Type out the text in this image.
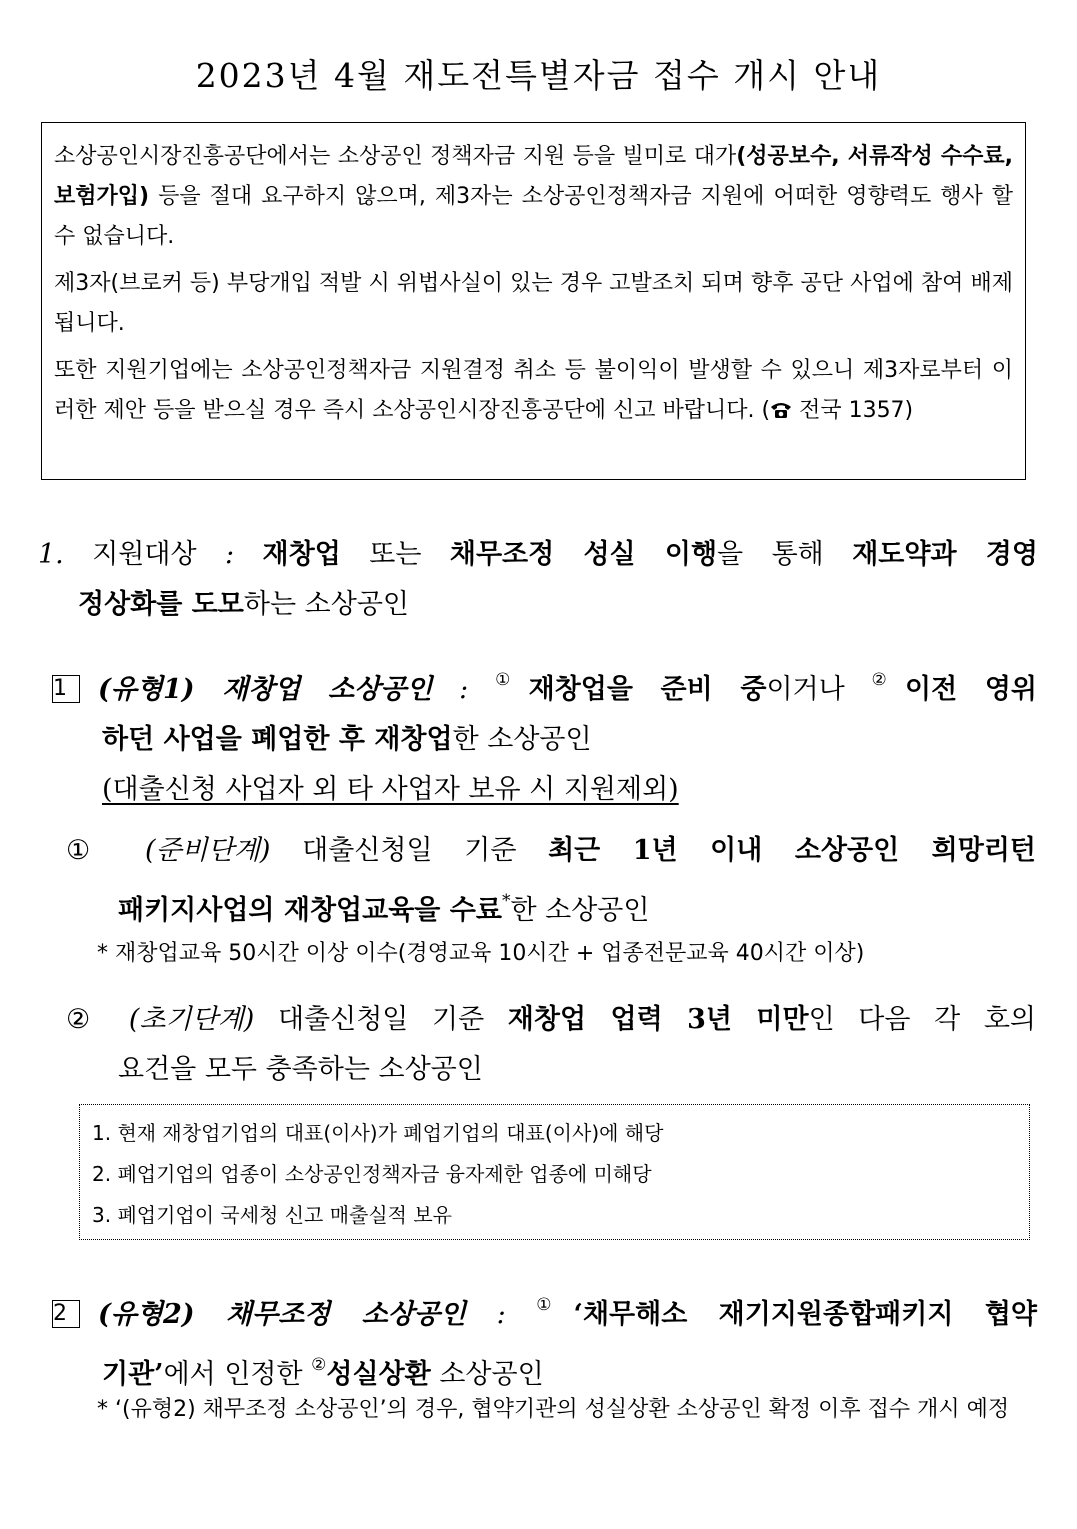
2023년 4월 재도전특별자금 접수 개시 안내

소상공인시장진흥공단에서는 소상공인 정책자금 지원 등을 빌미로 대가(성공보수, 서류작성 수수료, 보험가입) 등을 절대 요구하지 않으며, 제3자는 소상공인정책자금 지원에 어떠한 영향력도 행사 할 수 없습니다.

제3자(브로커 등) 부당개입 적발 시 위법사실이 있는 경우 고발조치 되며 향후 공단 사업에 참여 배제됩니다.

또한 지원기업에는 소상공인정책자금 지원결정 취소 등 불이익이 발생할 수 있으니 제3자로부터 이러한 제안 등을 받으실 경우 즉시 소상공인시장진흥공단에 신고 바랍니다. ( 전국 1357)

1. 지원대상 : 재창업 또는 채무조정 성실 이행을 통해 재도약과 경영
정상화를 도모하는 소상공인
1 (유형1) 재창업 소상공인 : ①재창업을 준비 중이거나 ②이전 영위
하던 사업을 폐업한 후 재창업한 소상공인
(대출신청 사업자 외 타 사업자 보유 시 지원제외)
① (준비단계) 대출신청일 기준 최근 1년 이내 소상공인 희망리턴
패키지사업의 재창업교육을 수료*한 소상공인
* 재창업교육 50시간 이상 이수(경영교육 10시간 + 업종전문교육 40시간 이상)
② (초기단계) 대출신청일 기준 재창업 업력 3년 미만인 다음 각 호의
요건을 모두 충족하는 소상공인
1. 현재 재창업기업의 대표(이사)가 폐업기업의 대표(이사)에 해당
2. 폐업기업의 업종이 소상공인정책자금 융자제한 업종에 미해당
3. 폐업기업이 국세청 신고 매출실적 보유
2 (유형2) 채무조정 소상공인 : ①‘채무해소 재기지원종합패키지 협약
기관’에서 인정한 ②성실상환 소상공인
* ‘(유형2) 채무조정 소상공인’의 경우, 협약기관의 성실상환 소상공인 확정 이후 접수 개시 예정
